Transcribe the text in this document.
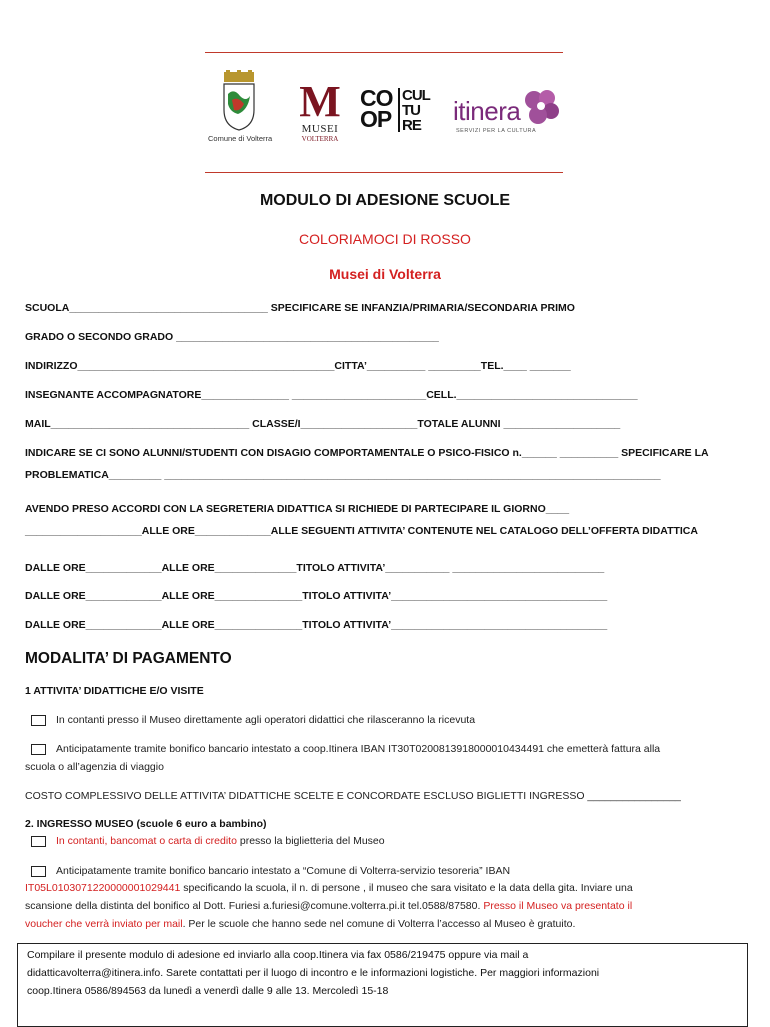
Comune di Volterra
M
MUSEI
VOLTERRA
CO
OP
CUL
TU
RE	itinera
SERVIZI PER LA CULTURA
MODULO DI ADESIONE SCUOLE
COLORIAMOCI DI ROSSO
Musei di Volterra
SCUOLA__________________________________ SPECIFICARE SE INFANZIA/PRIMARIA/SECONDARIA PRIMO
GRADO O SECONDO GRADO _____________________________________________
INDIRIZZO____________________________________________CITTA’__________ _________TEL.____ _______
INSEGNANTE ACCOMPAGNATORE_______________ _______________________CELL._______________________________
MAIL__________________________________ CLASSE/I____________________TOTALE ALUNNI ____________________
INDICARE SE CI SONO ALUNNI/STUDENTI CON DISAGIO COMPORTAMENTALE O PSICO-FISICO n.______ __________ SPECIFICARE LA
PROBLEMATICA_________ _____________________________________________________________________________________
AVENDO PRESO ACCORDI CON LA SEGRETERIA DIDATTICA SI RICHIEDE DI PARTECIPARE IL GIORNO____
____________________ALLE ORE_____________ALLE SEGUENTI ATTIVITA’ CONTENUTE NEL CATALOGO DELL’OFFERTA DIDATTICA
DALLE ORE_____________ALLE ORE______________TITOLO ATTIVITA’___________ __________________________
DALLE ORE_____________ALLE ORE_______________TITOLO ATTIVITA’_____________________________________
DALLE ORE_____________ALLE ORE_______________TITOLO ATTIVITA’_____________________________________
MODALITA’ DI PAGAMENTO
1 ATTIVITA’ DIDATTICHE E/O VISITE
In contanti presso il Museo direttamente agli operatori didattici che rilasceranno la ricevuta
Anticipatamente tramite bonifico bancario intestato a coop.Itinera IBAN IT30T0200813918000010434491 che emetterà fattura alla
scuola o all’agenzia di viaggio
COSTO COMPLESSIVO DELLE ATTIVITA’ DIDATTICHE SCELTE E CONCORDATE ESCLUSO BIGLIETTI INGRESSO ________________
2. INGRESSO MUSEO (scuole 6 euro a bambino)
In contanti, bancomat o carta di credito presso la biglietteria del Museo
Anticipatamente tramite bonifico bancario intestato a “Comune di Volterra-servizio tesoreria” IBAN
IT05L0103071220000001029441 specificando la scuola, il n. di persone , il museo che sara visitato e la data della gita. Inviare una
scansione della distinta del bonifico al Dott. Furiesi a.furiesi@comune.volterra.pi.it tel.0588/87580. Presso il Museo va presentato il
voucher che verrà inviato per mail. Per le scuole che hanno sede nel comune di Volterra l’accesso al Museo è gratuito.
Compilare il presente modulo di adesione ed inviarlo alla coop.Itinera via fax 0586/219475 oppure via mail a
didatticavolterra@itinera.info. Sarete contattati per il luogo di incontro e le informazioni logistiche. Per maggiori informazioni
coop.Itinera 0586/894563 da lunedì a venerdì dalle 9 alle 13. Mercoledì 15-18
